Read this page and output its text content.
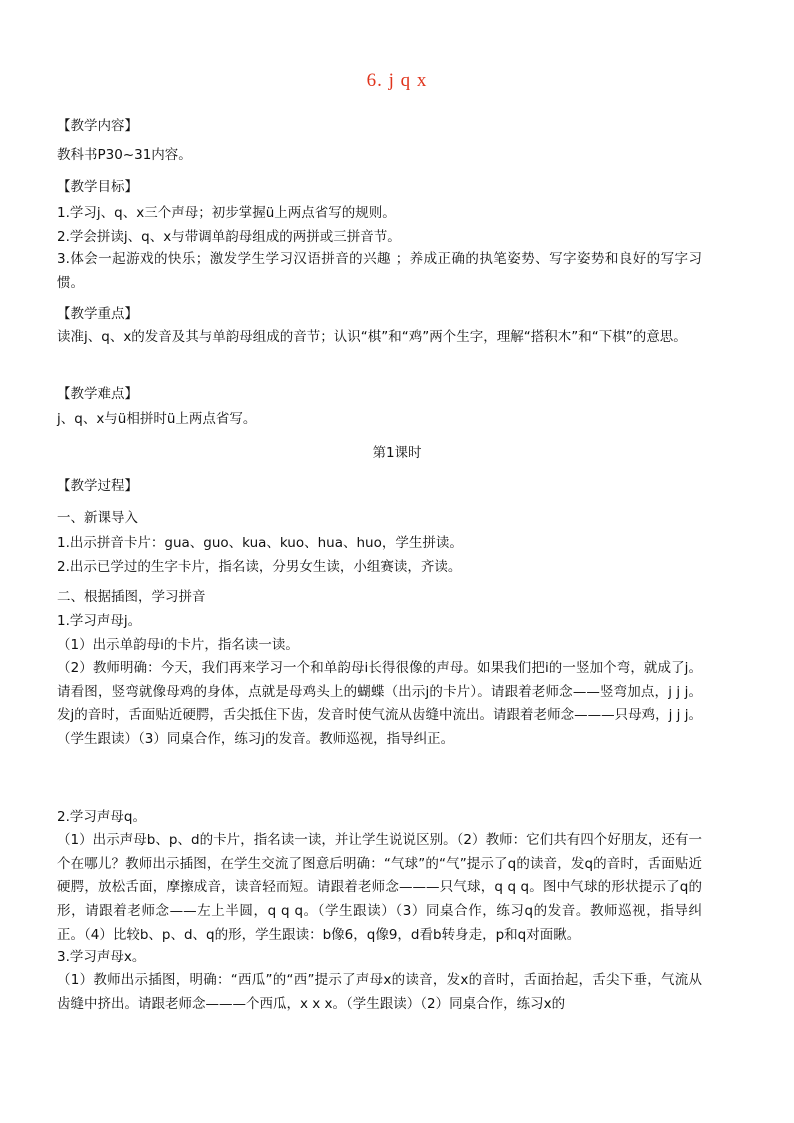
6. j q x
【教学内容】
教科书P30~31内容。
【教学目标】
1.学习j、q、x三个声母；初步掌握ü上两点省写的规则。
2.学会拼读j、q、x与带调单韵母组成的两拼或三拼音节。
3.体会一起游戏的快乐；激发学生学习汉语拼音的兴趣 ；养成正确的执笔姿势、写字姿势和良好的写字习惯。
【教学重点】
读准j、q、x的发音及其与单韵母组成的音节；认识“棋”和“鸡”两个生字，理解“搭积木”和“下棋”的意思。
【教学难点】
j、q、x与ü相拼时ü上两点省写。
第1课时
【教学过程】
一、新课导入
1.出示拼音卡片：gua、guo、kua、kuo、hua、huo，学生拼读。
2.出示已学过的生字卡片，指名读，分男女生读，小组赛读，齐读。
二、根据插图，学习拼音
1.学习声母j。
（1）出示单韵母i的卡片，指名读一读。
（2）教师明确：今天，我们再来学习一个和单韵母i长得很像的声母。如果我们把i的一竖加个弯，就成了j。请看图，竖弯就像母鸡的身体，点就是母鸡头上的蝴蝶（出示j的卡片）。请跟着老师念——竖弯加点，j j j。发j的音时，舌面贴近硬腭，舌尖抵住下齿，发音时使气流从齿缝中流出。请跟着老师念———只母鸡，j j j。（学生跟读）（3）同桌合作，练习j的发音。教师巡视，指导纠正。
2.学习声母q。
（1）出示声母b、p、d的卡片，指名读一读，并让学生说说区别。（2）教师：它们共有四个好朋友，还有一个在哪儿？教师出示插图，在学生交流了图意后明确：“气球”的“气”提示了q的读音，发q的音时，舌面贴近硬腭，放松舌面，摩擦成音，读音轻而短。请跟着老师念———只气球，q q q。图中气球的形状提示了q的形，请跟着老师念——左上半圆，q q q。（学生跟读）（3）同桌合作，练习q的发音。教师巡视，指导纠正。（4）比较b、p、d、q的形，学生跟读：b像6，q像9，d看b转身走，p和q对面瞅。
3.学习声母x。
（1）教师出示插图，明确：“西瓜”的“西”提示了声母x的读音，发x的音时，舌面抬起，舌尖下垂，气流从齿缝中挤出。请跟老师念———个西瓜，x x x。（学生跟读）（2）同桌合作，练习x的
